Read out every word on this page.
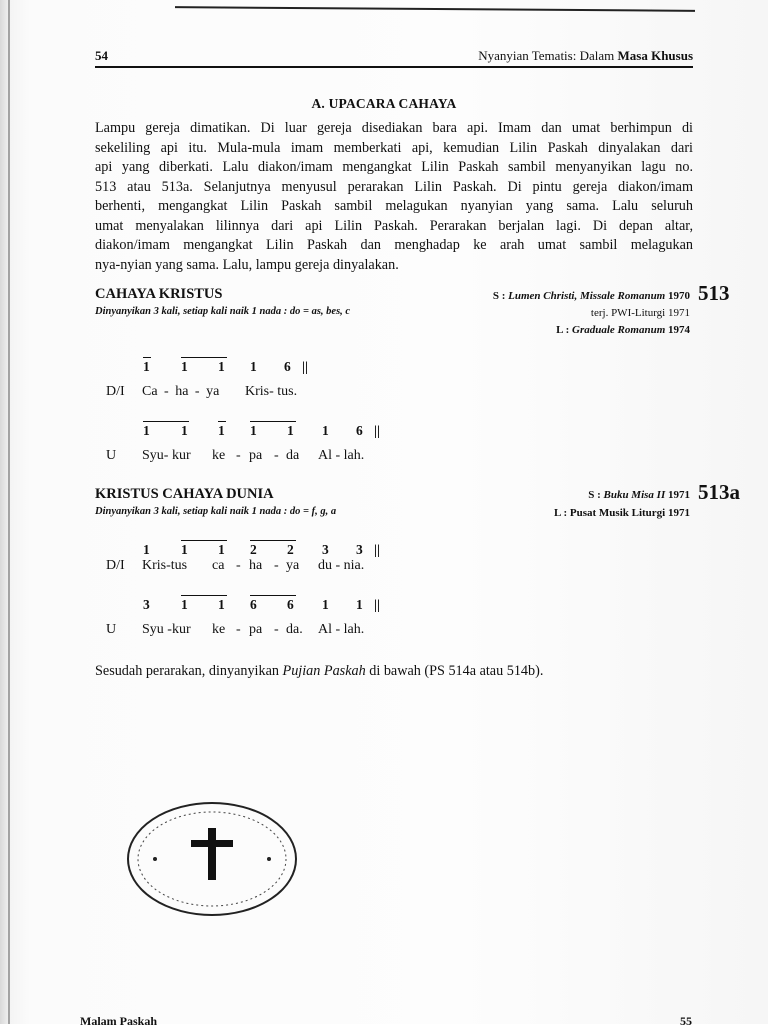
54	Nyanyian Tematis: Dalam Masa Khusus
A. UPACARA CAHAYA
Lampu gereja dimatikan. Di luar gereja disediakan bara api. Imam dan umat berhimpun di
sekeliling api itu. Mula-mula imam memberkati api, kemudian Lilin Paskah dinyalakan dari
api yang diberkati. Lalu diakon/imam mengangkat Lilin Paskah sambil menyanyikan lagu no.
513 atau 513a. Selanjutnya menyusul perarakan Lilin Paskah. Di pintu gereja diakon/imam
berhenti, mengangkat Lilin Paskah sambil melagukan nyanyian yang sama. Lalu seluruh
umat menyalakan lilinnya dari api Lilin Paskah. Perarakan berjalan lagi. Di depan altar,
diakon/imam mengangkat Lilin Paskah dan menghadap ke arah umat sambil melagukan
nya-nyian yang sama. Lalu, lampu gereja dinyalakan.
CAHAYA KRISTUS
Dinyanyikan 3 kali, setiap kali naik 1 nada : do = as, bes, c
S : Lumen Christi, Missale Romanum 1970
terj. PWI-Liturgi 1971
L : Graduale Romanum 1974
513
1 1 1 1 6 ||
D/I Ca - ha - ya Kris- tus.
1 1 1 1 1 1 6 ||
U Syu- kur ke - pa - da Al - lah.
KRISTUS CAHAYA DUNIA
Dinyanyikan 3 kali, setiap kali naik 1 nada : do = f, g, a
S : Buku Misa II 1971
L : Pusat Musik Liturgi 1971
513a
1 1 1 2 2 3 3 ||
D/I Kris-tus ca - ha - ya du - nia.
3 1 1 6 6 1 1 ||
U Syu -kur ke - pa - da. Al - lah.
Sesudah perarakan, dinyanyikan Pujian Paskah di bawah (PS 514a atau 514b).
Malam Paskah	55
